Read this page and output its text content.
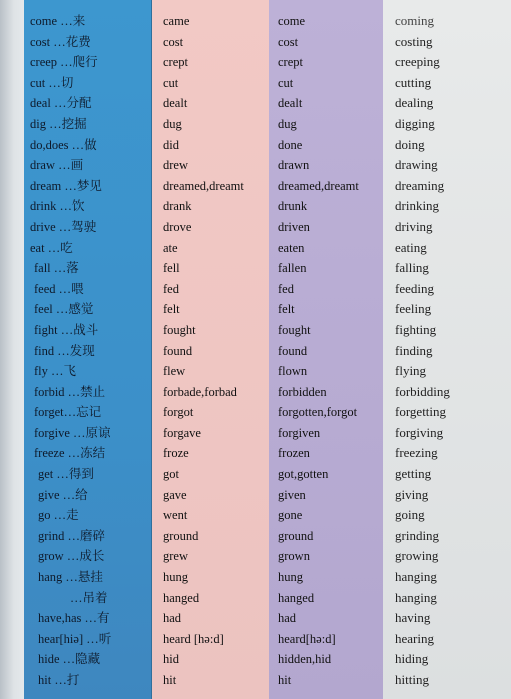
come …来
cost …花费
creep …爬行
cut …切
deal …分配
dig …挖掘
do,does …做
draw …画
dream …梦见
drink …饮
drive …驾驶
eat …吃
fall …落
feed …喂
feel …感觉
fight …战斗
find …发现
fly …飞
forbid …禁止
forget…忘记
forgive …原谅
freeze …冻结
get …得到
give …给
go …走
grind …磨碎
grow …成长
hang …悬挂
…吊着
have,has …有
hear[hiə] …听
hide …隐藏
hit …打
came
cost
crept
cut
dealt
dug
did
drew
dreamed,dreamt
drank
drove
ate
fell
fed
felt
fought
found
flew
forbade,forbad
forgot
forgave
froze
got
gave
went
ground
grew
hung
hanged
had
heard [hə:d]
hid
hit
come
cost
crept
cut
dealt
dug
done
drawn
dreamed,dreamt
drunk
driven
eaten
fallen
fed
felt
fought
found
flown
forbidden
forgotten,forgot
forgiven
frozen
got,gotten
given
gone
ground
grown
hung
hanged
had
heard[hə:d]
hidden,hid
hit
coming
costing
creeping
cutting
dealing
digging
doing
drawing
dreaming
drinking
driving
eating
falling
feeding
feeling
fighting
finding
flying
forbidding
forgetting
forgiving
freezing
getting
giving
going
grinding
growing
hanging
hanging
having
hearing
hiding
hitting
